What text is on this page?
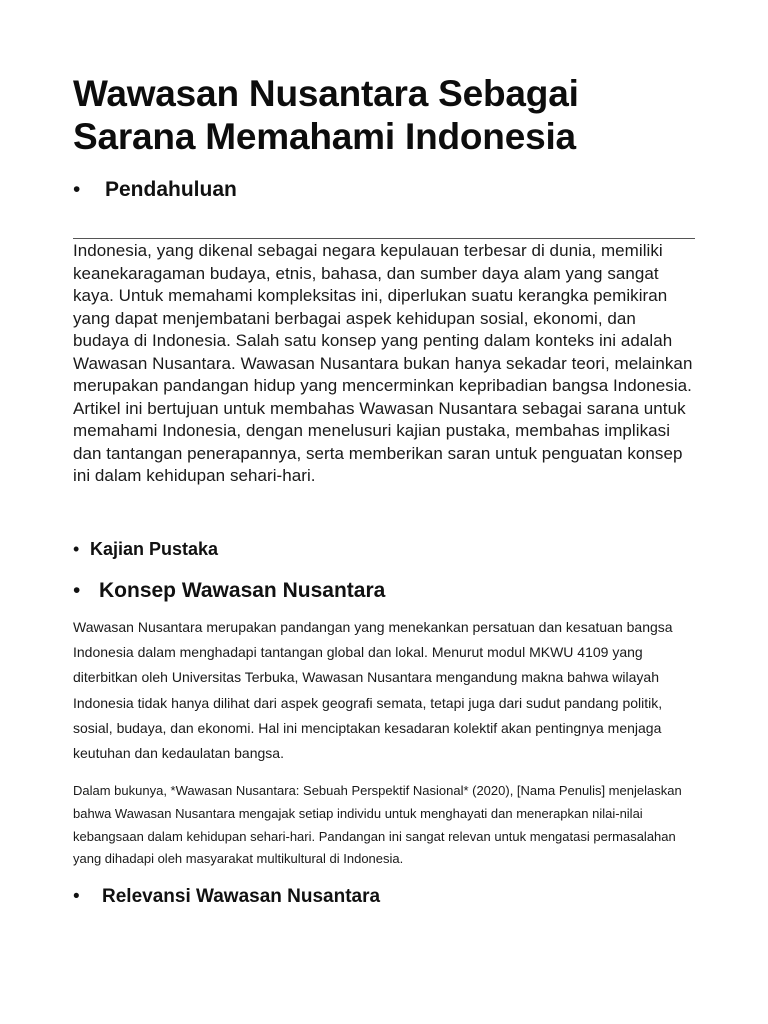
Wawasan Nusantara Sebagai Sarana Memahami Indonesia
•	Pendahuluan

Indonesia, yang dikenal sebagai negara kepulauan terbesar di dunia, memiliki keanekaragaman budaya, etnis, bahasa, dan sumber daya alam yang sangat kaya. Untuk memahami kompleksitas ini, diperlukan suatu kerangka pemikiran yang dapat menjembatani berbagai aspek kehidupan sosial, ekonomi, dan budaya di Indonesia. Salah satu konsep yang penting dalam konteks ini adalah Wawasan Nusantara. Wawasan Nusantara bukan hanya sekadar teori, melainkan merupakan pandangan hidup yang mencerminkan kepribadian bangsa Indonesia. Artikel ini bertujuan untuk membahas Wawasan Nusantara sebagai sarana untuk memahami Indonesia, dengan menelusuri kajian pustaka, membahas implikasi dan tantangan penerapannya, serta memberikan saran untuk penguatan konsep ini dalam kehidupan sehari-hari.

• Kajian Pustaka
• Konsep Wawasan Nusantara

Wawasan Nusantara merupakan pandangan yang menekankan persatuan dan kesatuan bangsa Indonesia dalam menghadapi tantangan global dan lokal. Menurut modul MKWU 4109 yang diterbitkan oleh Universitas Terbuka, Wawasan Nusantara mengandung makna bahwa wilayah Indonesia tidak hanya dilihat dari aspek geografi semata, tetapi juga dari sudut pandang politik, sosial, budaya, dan ekonomi. Hal ini menciptakan kesadaran kolektif akan pentingnya menjaga keutuhan dan kedaulatan bangsa.

Dalam bukunya, *Wawasan Nusantara: Sebuah Perspektif Nasional* (2020), [Nama Penulis] menjelaskan bahwa Wawasan Nusantara mengajak setiap individu untuk menghayati dan menerapkan nilai-nilai kebangsaan dalam kehidupan sehari-hari. Pandangan ini sangat relevan untuk mengatasi permasalahan yang dihadapi oleh masyarakat multikultural di Indonesia.

•	Relevansi Wawasan Nusantara
